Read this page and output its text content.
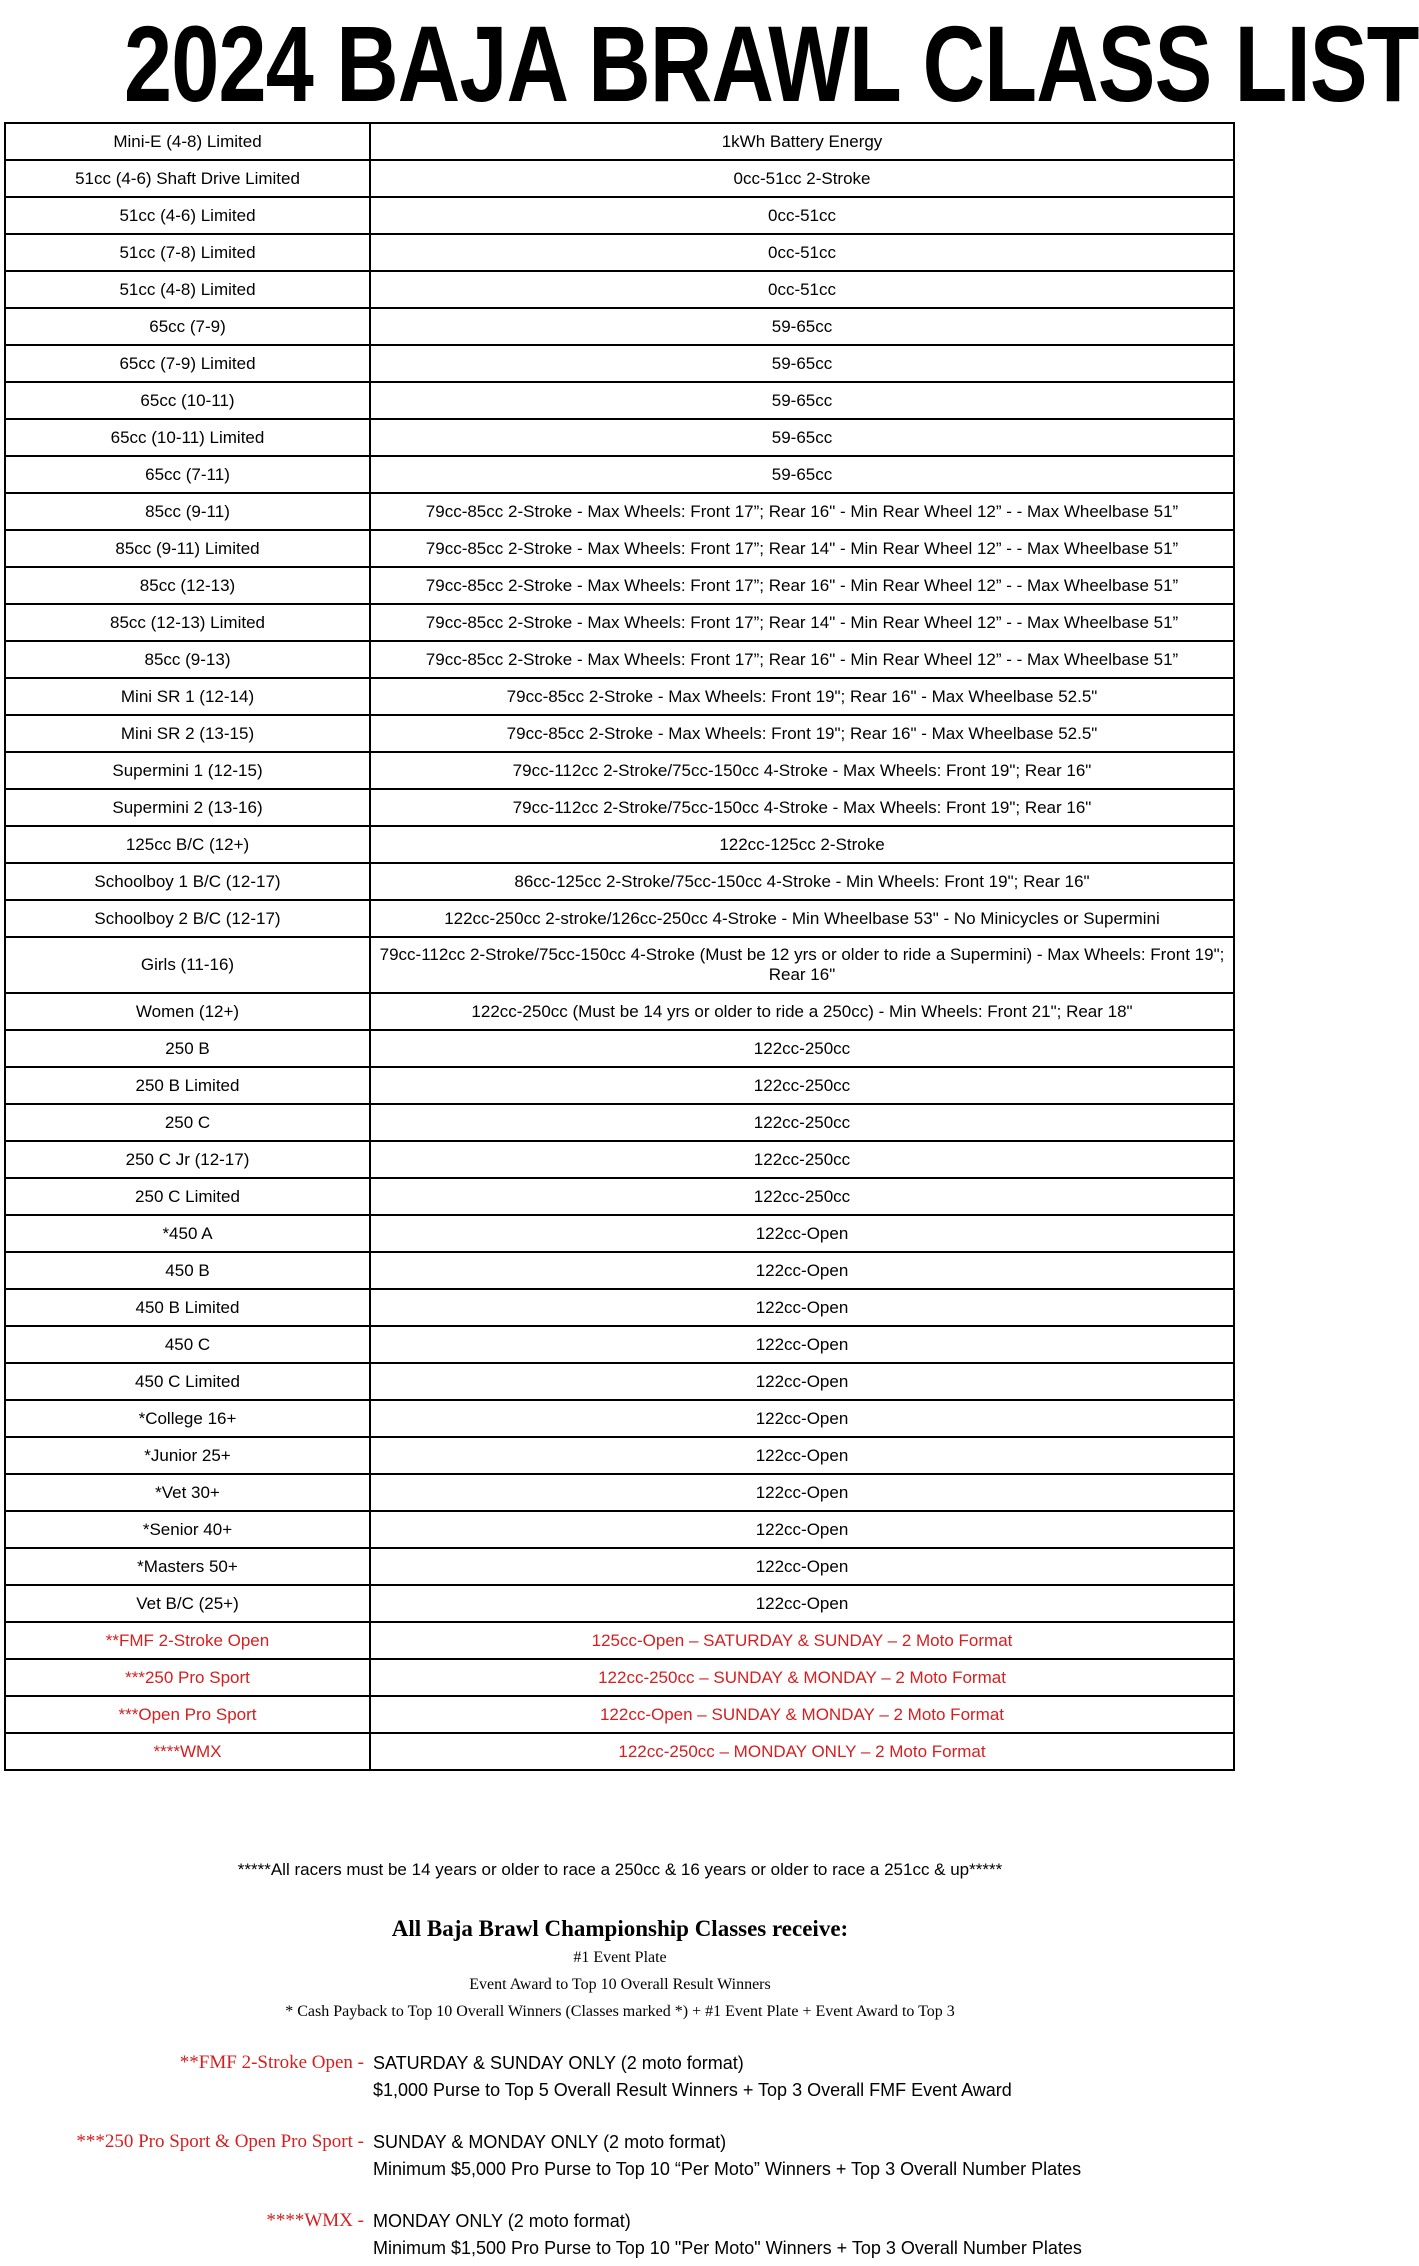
2024 BAJA BRAWL CLASS LIST
Mini-E (4-8) Limited	1kWh Battery Energy
51cc (4-6) Shaft Drive Limited	0cc-51cc 2-Stroke
51cc (4-6) Limited	0cc-51cc
51cc (7-8) Limited	0cc-51cc
51cc (4-8) Limited	0cc-51cc
65cc (7-9)	59-65cc
65cc (7-9) Limited	59-65cc
65cc (10-11)	59-65cc
65cc (10-11) Limited	59-65cc
65cc (7-11)	59-65cc
85cc (9-11)	79cc-85cc 2-Stroke - Max Wheels: Front 17”; Rear 16" - Min Rear Wheel 12” - - Max Wheelbase 51”
85cc (9-11) Limited	79cc-85cc 2-Stroke - Max Wheels: Front 17”; Rear 14" - Min Rear Wheel 12” - - Max Wheelbase 51”
85cc (12-13)	79cc-85cc 2-Stroke - Max Wheels: Front 17”; Rear 16" - Min Rear Wheel 12” - - Max Wheelbase 51”
85cc (12-13) Limited	79cc-85cc 2-Stroke - Max Wheels: Front 17”; Rear 14" - Min Rear Wheel 12” - - Max Wheelbase 51”
85cc (9-13)	79cc-85cc 2-Stroke - Max Wheels: Front 17”; Rear 16" - Min Rear Wheel 12” - - Max Wheelbase 51”
Mini SR 1 (12-14)	79cc-85cc 2-Stroke - Max Wheels: Front 19"; Rear 16" - Max Wheelbase 52.5"
Mini SR 2 (13-15)	79cc-85cc 2-Stroke - Max Wheels: Front 19"; Rear 16" - Max Wheelbase 52.5"
Supermini 1 (12-15)	79cc-112cc 2-Stroke/75cc-150cc 4-Stroke - Max Wheels: Front 19"; Rear 16"
Supermini 2 (13-16)	79cc-112cc 2-Stroke/75cc-150cc 4-Stroke - Max Wheels: Front 19"; Rear 16"
125cc B/C (12+)	122cc-125cc 2-Stroke
Schoolboy 1 B/C (12-17)	86cc-125cc 2-Stroke/75cc-150cc 4-Stroke - Min Wheels: Front 19"; Rear 16"
Schoolboy 2 B/C (12-17)	122cc-250cc 2-stroke/126cc-250cc 4-Stroke - Min Wheelbase 53" - No Minicycles or Supermini
Girls (11-16)	79cc-112cc 2-Stroke/75cc-150cc 4-Stroke (Must be 12 yrs or older to ride a Supermini) - Max Wheels: Front 19"; Rear 16"
Women (12+)	122cc-250cc (Must be 14 yrs or older to ride a 250cc) - Min Wheels: Front 21"; Rear 18"
250 B	122cc-250cc
250 B Limited	122cc-250cc
250 C	122cc-250cc
250 C Jr (12-17)	122cc-250cc
250 C Limited	122cc-250cc
*450 A	122cc-Open
450 B	122cc-Open
450 B Limited	122cc-Open
450 C	122cc-Open
450 C Limited	122cc-Open
*College 16+	122cc-Open
*Junior 25+	122cc-Open
*Vet 30+	122cc-Open
*Senior 40+	122cc-Open
*Masters 50+	122cc-Open
Vet B/C (25+)	122cc-Open
**FMF 2-Stroke Open	125cc-Open – SATURDAY & SUNDAY – 2 Moto Format
***250 Pro Sport	122cc-250cc – SUNDAY & MONDAY – 2 Moto Format
***Open Pro Sport	122cc-Open – SUNDAY & MONDAY – 2 Moto Format
****WMX	122cc-250cc – MONDAY ONLY – 2 Moto Format
*****All racers must be 14 years or older to race a 250cc & 16 years or older to race a 251cc & up*****
All Baja Brawl Championship Classes receive:
#1 Event Plate
Event Award to Top 10 Overall Result Winners
* Cash Payback to Top 10 Overall Winners (Classes marked *) + #1 Event Plate + Event Award to Top 3
**FMF 2-Stroke Open - SATURDAY & SUNDAY ONLY (2 moto format)
$1,000 Purse to Top 5 Overall Result Winners + Top 3 Overall FMF Event Award
***250 Pro Sport & Open Pro Sport - SUNDAY & MONDAY ONLY (2 moto format)
Minimum $5,000 Pro Purse to Top 10 “Per Moto” Winners + Top 3 Overall Number Plates
****WMX - MONDAY ONLY (2 moto format)
Minimum $1,500 Pro Purse to Top 10 "Per Moto" Winners + Top 3 Overall Number Plates
